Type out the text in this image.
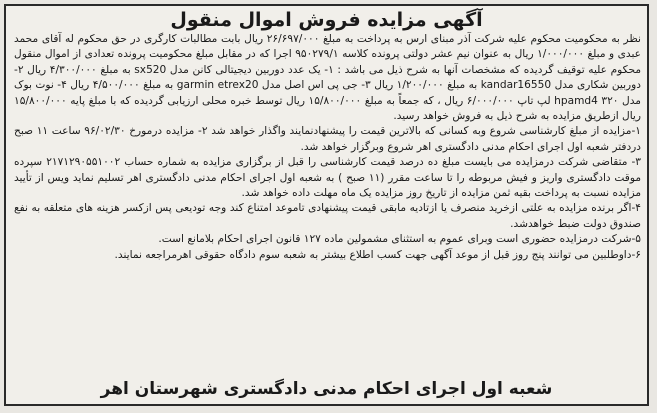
آگهی مزایده فروش اموال منقول

نظر به محکومیت محکوم علیه شرکت آذر مبنای ارس به پرداخت به مبلغ ۲۶/۶۹۷/۰۰۰ ریال بابت مطالبات کارگری در حق محکوم له آقای محمد عبدی و مبلغ ۱/۰۰۰/۰۰۰ ریال به عنوان نیم عشر دولتی پرونده کلاسه ۹۵۰۲۷۹/۱ اجرا که در مقابل مبلغ محکومیت پرونده تعدادی از اموال منقول محکوم علیه توقیف گردیده که مشخصات آنها به شرح ذیل می باشد : ۱- یک عدد دوربین دیجیتالی کانن مدل sx520 به مبلغ ۴/۳۰۰/۰۰۰ ریال ۲- دوربین شکاری مدل kandar16550 به مبلغ ۱/۲۰۰/۰۰۰ ریال ۳- جی پی اس اصل مدل garmin etrex20 به مبلغ ۴/۵۰۰/۰۰۰ ریال ۴- نوت بوک مدل ۳۲۰ hpamd4 لپ تاپ ۶/۰۰۰/۰۰۰ ریال ، که جمعاً به مبلغ ۱۵/۸۰۰/۰۰۰ ریال توسط خبره محلی ارزیابی گردیده که با مبلغ پایه ۱۵/۸۰۰/۰۰۰ ریال ازطریق مزایده به شرح ذیل به فروش خواهد رسید.

۱-مزایده از مبلغ کارشناسی شروع وبه کسانی که بالاترین قیمت را پیشنهادنمایند واگذار خواهد شد ۲- مزایده درمورخ ۹۶/۰۲/۳۰ ساعت ۱۱ صبح دردفتر شعبه اول اجرای احکام مدنی دادگستری اهر شروع وبرگزار خواهد شد.

۳- متقاضی شرکت درمزایده می بایست مبلغ ده درصد قیمت کارشناسی را قبل از برگزاری مزایده به شماره حساب ۲۱۷۱۲۹۰۵۵۱۰۰۲ سپرده موقت دادگستری واریز و فیش مربوطه را تا ساعت مقرر (۱۱ صبح ) به شعبه اول اجرای احکام مدنی دادگستری اهر تسلیم نماید ویس از تأیید مزایده نسبت به پرداخت بقیه ثمن مزایده از تاریخ روز مزایده یک ماه مهلت داده خواهد شد.

۴-اگر برنده مزایده به علتی ازخرید منصرف یا ازتادیه مابقی قیمت پیشنهادی تاموعد امتناع کند وجه تودیعی پس ازکسر هزینه های متعلقه به نفع صندوق دولت ضبط خواهدشد.

۵-شرکت درمزایده حضوری است وبرای عموم به استثنای مشمولین ماده ۱۲۷ قانون اجرای احکام بلامانع است.

۶-داوطلبین می توانند پنج روز قبل از موعد آگهی جهت کسب اطلاع بیشتر به شعبه سوم دادگاه حقوقی اهرمراجعه نمایند.

شعبه اول اجرای احکام مدنی دادگستری شهرستان اهر
